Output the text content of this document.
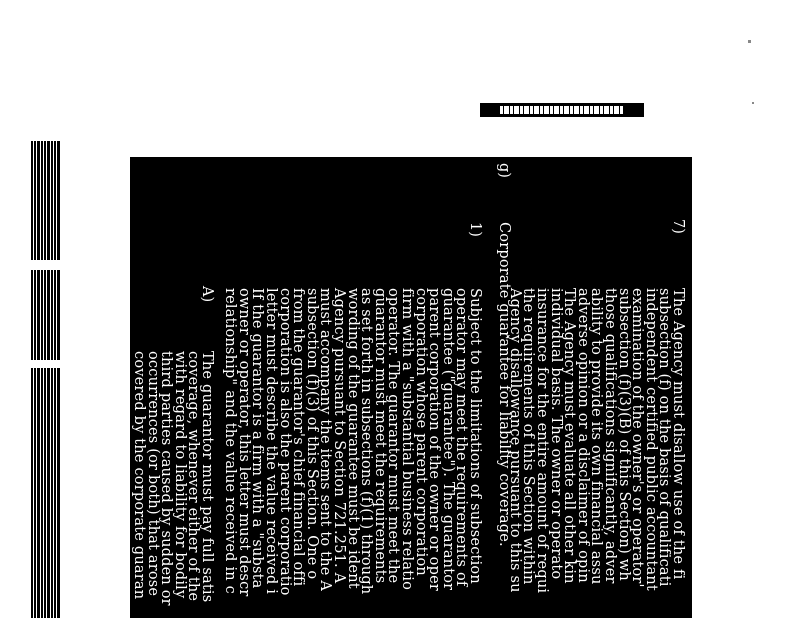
7)
The Agency must disallow use of the fi
subsection (f) on the basis of qualificati
independent certified public accountant
examination of the owner's or operator'
subsection (f)(3)(B) of this Section) wh
those qualifications significantly, adver
ability to provide its own financial assu
adverse opinion or a disclaimer of opin
The Agency must evaluate all other kin
individual basis. The owner or operato
insurance for the entire amount of requi
the requirements of this Section within
Agency disallowance pursuant to this su
g)
Corporate guarantee for liability coverage.
1)
Subject to the limitations of subsection
operator may meet the requirements of
guarantee ("guarantee"). The guarantor
parent corporation of the owner or oper
corporation whose parent corporation
firm with a "substantial business relatio
operator. The guarantor must meet the
guarantor must meet the requirements
as set forth in subsections (f)(1) through
wording of the guarantee must be ident
Agency pursuant to Section 721.251. A
must accompany the items sent to the A
subsection (f)(3) of this Section. One o
from the guarantor's chief financial offi
corporation is also the parent corporatio
letter must describe the value received i
If the guarantor is a firm with a "substa
owner or operator, this letter must descr
relationship" and the value received in c
A)
The guarantor must pay full satis
coverage, whenever either of the
with regard to liability for bodily
third parties caused by sudden or
occurrences (or both) that arose
covered by the corporate guaran
